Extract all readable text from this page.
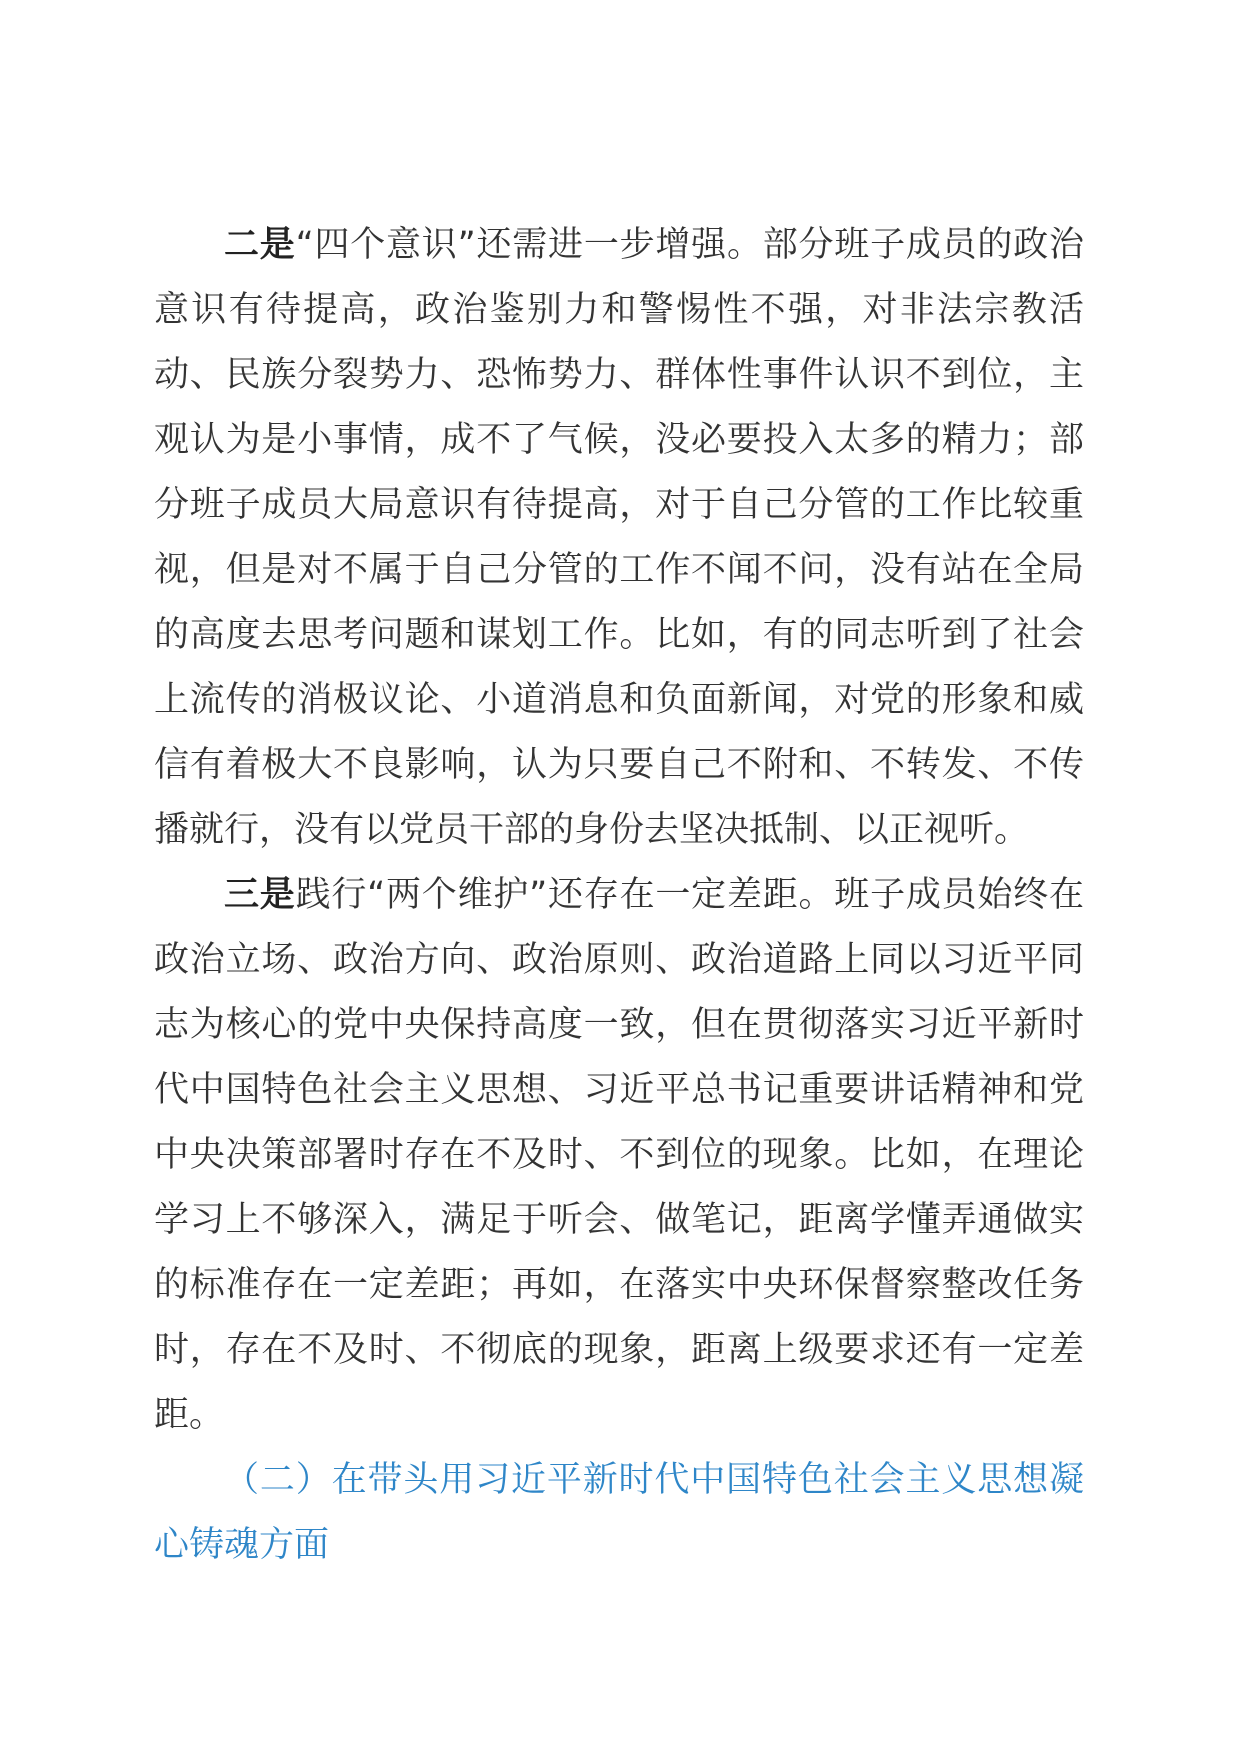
二是“四个意识”还需进一步增强。部分班子成员的政治意识有待提高，政治鉴别力和警惕性不强，对非法宗教活动、民族分裂势力、恐怖势力、群体性事件认识不到位，主观认为是小事情，成不了气候，没必要投入太多的精力；部分班子成员大局意识有待提高，对于自己分管的工作比较重视，但是对不属于自己分管的工作不闻不问，没有站在全局的高度去思考问题和谋划工作。比如，有的同志听到了社会上流传的消极议论、小道消息和负面新闻，对党的形象和威信有着极大不良影响，认为只要自己不附和、不转发、不传播就行，没有以党员干部的身份去坚决抵制、以正视听。

三是践行“两个维护”还存在一定差距。班子成员始终在政治立场、政治方向、政治原则、政治道路上同以习近平同志为核心的党中央保持高度一致，但在贯彻落实习近平新时代中国特色社会主义思想、习近平总书记重要讲话精神和党中央决策部署时存在不及时、不到位的现象。比如，在理论学习上不够深入，满足于听会、做笔记，距离学懂弄通做实的标准存在一定差距；再如，在落实中央环保督察整改任务时，存在不及时、不彻底的现象，距离上级要求还有一定差距。

（二）在带头用习近平新时代中国特色社会主义思想凝心铸魂方面
